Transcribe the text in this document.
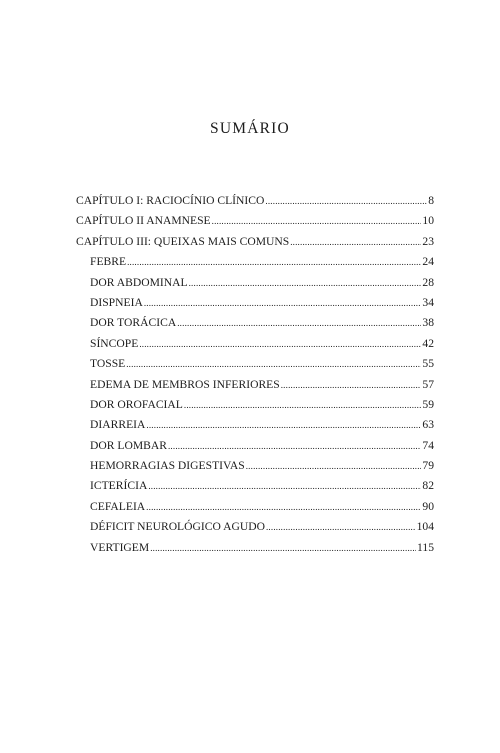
SUMÁRIO
CAPÍTULO I: RACIOCÍNIO CLÍNICO .....	8
CAPÍTULO II ANAMNESE .....	10
CAPÍTULO III: QUEIXAS MAIS COMUNS .....	23
FEBRE .....	24
DOR ABDOMINAL .....	28
DISPNEIA .....	34
DOR TORÁCICA .....	38
SÍNCOPE .....	42
TOSSE .....	55
EDEMA DE MEMBROS INFERIORES .....	57
DOR OROFACIAL .....	59
DIARREIA .....	63
DOR LOMBAR .....	74
HEMORRAGIAS DIGESTIVAS .....	79
ICTERÍCIA .....	82
CEFALEIA .....	90
DÉFICIT NEUROLÓGICO AGUDO .....	104
VERTIGEM .....	115
